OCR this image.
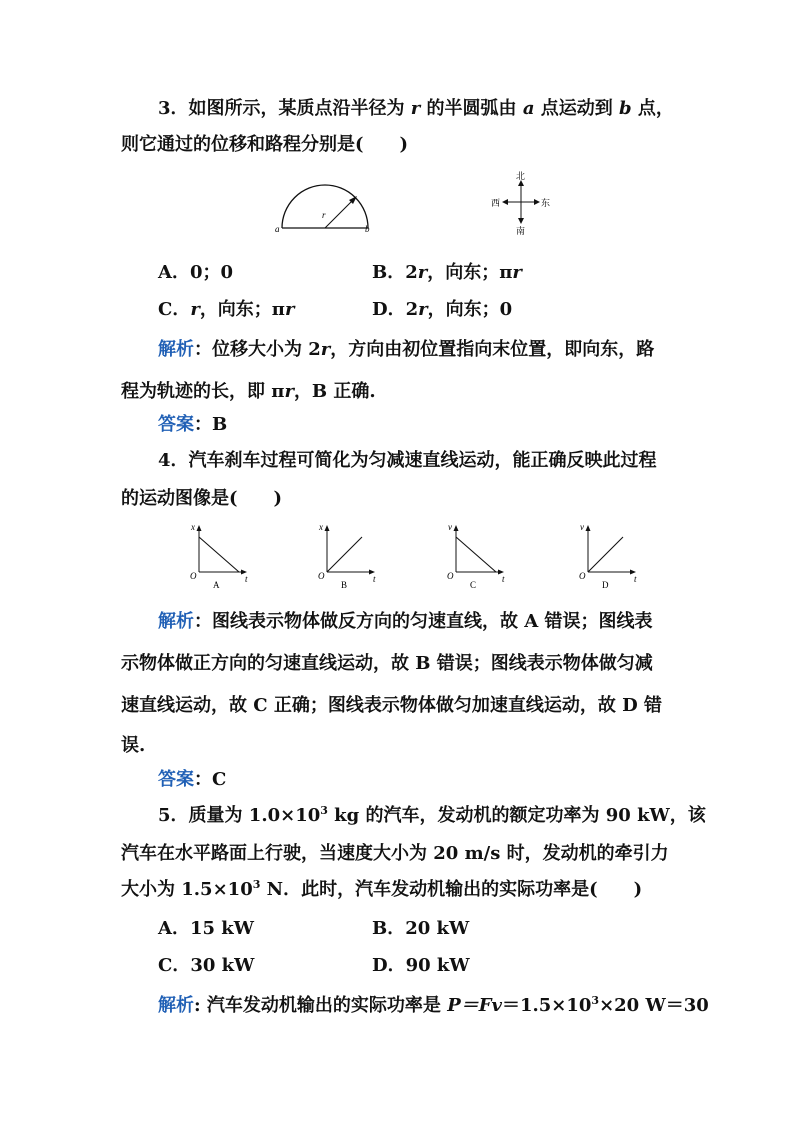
3．如图所示，某质点沿半径为 r 的半圆弧由 a 点运动到 b 点，
则它通过的位移和路程分别是(　　)
r
a	b
北
南
西	东
A．0；0	B．2r，向东；πr
C．r，向东；πr	D．2r，向东；0
解析：位移大小为 2r，方向由初位置指向末位置，即向东，路
程为轨迹的长，即 πr，B 正确.
答案：B
4．汽车刹车过程可简化为匀减速直线运动，能正确反映此过程
的运动图像是(　　)
x
t
O
A
x
t
O
B
v
t
O
C
v
t
O
D
解析：图线表示物体做反方向的匀速直线，故 A 错误；图线表
示物体做正方向的匀速直线运动，故 B 错误；图线表示物体做匀减
速直线运动，故 C 正确；图线表示物体做匀加速直线运动，故 D 错
误.
答案：C
5．质量为 $1.0\times 10^3$ kg 的汽车，发动机的额定功率为 90 kW，该
汽车在水平路面上行驶，当速度大小为 20 m/s 时，发动机的牵引力
大小为 $1.5\times 10^3$ N．此时，汽车发动机输出的实际功率是(　　)
A．15 kW	B．20 kW
C．30 kW	D．90 kW
解析: 汽车发动机输出的实际功率是 $P=Fv=1.5\times 10^3\times 20$ W＝30
